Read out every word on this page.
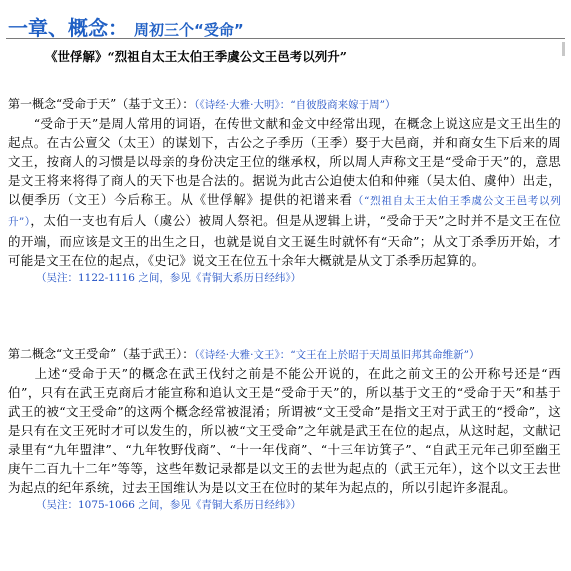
一章、概念： 周初三个“受命”
《世俘解》“烈祖自太王太伯王季虞公文王邑考以列升”
第一概念“受命于天”（基于文王）：（《诗经·大雅·大明》：“自彼殷商来嫁于周”）
　　“受命于天”是周人常用的词语，在传世文献和金文中经常出现，在概念上说这应是文王出生的起点。在古公亶父（太王）的谋划下，古公之子季历（王季）娶于大邑商，并和商女生下后来的周文王，按商人的习惯是以母亲的身份决定王位的继承权，所以周人声称文王是“受命于天”的，意思是文王将来将得了商人的天下也是合法的。据说为此古公迫使太伯和仲雍（吴太伯、虞仲）出走，以便季历（文王）今后称王。从《世俘解》提供的祀谱来看（“烈祖自太王太伯王季虞公文王邑考以列升”），太伯一支也有后人（虞公）被周人祭祀。但是从逻辑上讲，“受命于天”之时并不是文王在位的开端，而应该是文王的出生之日，也就是说自文王诞生时就怀有“天命”；从文丁杀季历开始，才可能是文王在位的起点，《史记》说文王在位五十余年大概就是从文丁杀季历起算的。
（吴注：1122-1116 之间，参见《青铜大系历日经纬》）
第二概念“文王受命”（基于武王）：（《诗经·大雅·文王》：“文王在上於昭于天周虽旧邦其命维新”）
　　上述“受命于天”的概念在武王伐纣之前是不能公开说的，在此之前文王的公开称号还是“西伯”，只有在武王克商后才能宣称和追认文王是“受命于天”的，所以基于文王的“受命于天”和基于武王的被“文王受命”的这两个概念经常被混淆；所谓被“文王受命”是指文王对于武王的“授命”，这是只有在文王死时才可以发生的，所以被“文王受命”之年就是武王在位的起点，从这时起，文献记录里有“九年盟津”、“九年牧野伐商”、“十一年伐商”、“十三年访箕子”、“自武王元年己卯至幽王庚午二百九十二年”等等，这些年数记录都是以文王的去世为起点的（武王元年），这个以文王去世为起点的纪年系统，过去王国维认为是以文王在位时的某年为起点的，所以引起许多混乱。
（吴注：1075-1066 之间，参见《青铜大系历日经纬》）
